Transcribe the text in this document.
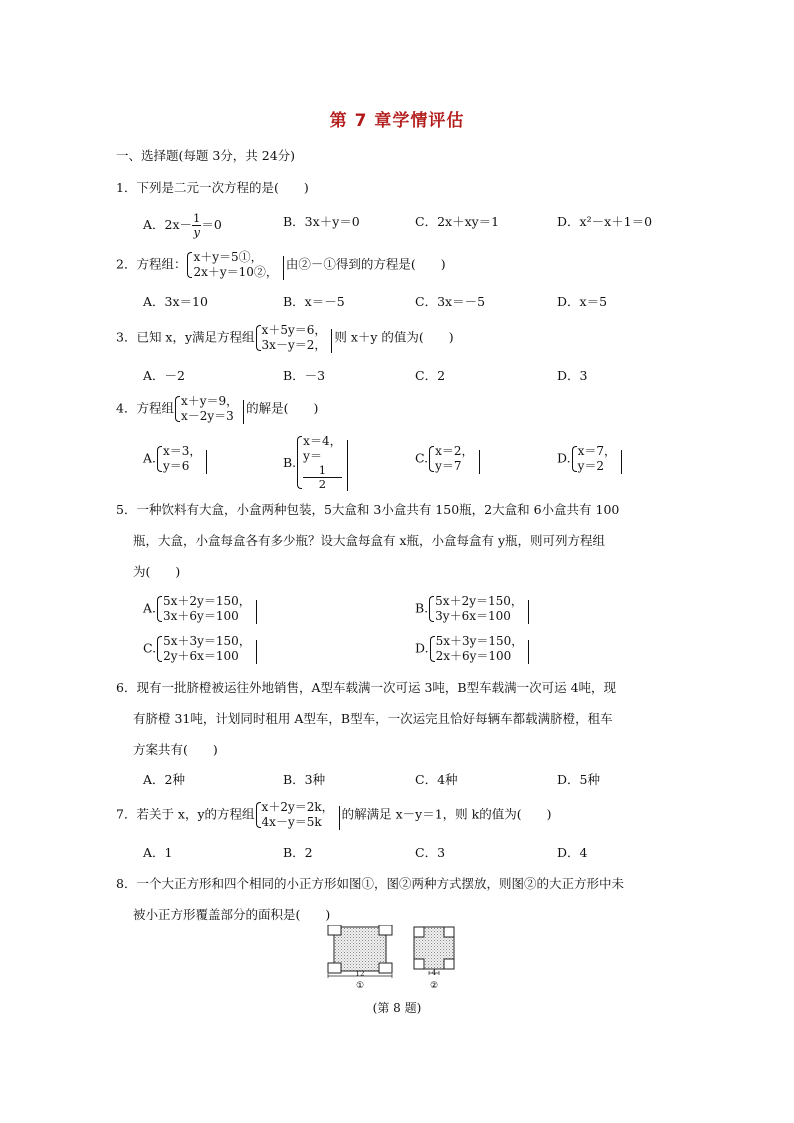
第 7 章学情评估
一、选择题(每题 3分，共 24分)
1．下列是二元一次方程的是(　　)
A．$2x- \frac{1}{y} =0$	B．3x＋y＝0	C．2x＋xy＝1	D．x²－x＋1＝0
2．方程组： x＋y＝5①，
2x＋y＝10②，
由②－①得到的方程是(　　)
A．3x＝10	B．x＝－5	C．3x＝－5	D．x＝5
3．已知 x，y满足方程组 x＋5y＝6，
3x－y＝2，
则 x＋y 的值为(　　)
A．－2	B．－3	C．2	D．3
4．方程组 x＋y＝9，
x－2y＝3
的解是(　　)
A. x＝3，
y＝6	B.
x＝4，
y＝
1
2
C. x＝2，
y＝7
D. x＝7，
y＝2
5．一种饮料有大盒，小盒两种包装，5大盒和 3小盒共有 150瓶，2大盒和 6小盒共有 100
瓶，大盒，小盒每盒各有多少瓶？设大盒每盒有 x瓶，小盒每盒有 y瓶，则可列方程组
为(　　)
A. 5x＋2y＝150，
3x＋6y＝100
B. 5x＋2y＝150，
3y＋6x＝100
C. 5x＋3y＝150，
2y＋6x＝100
D. 5x＋3y＝150，
2x＋6y＝100
6．现有一批脐橙被运往外地销售，A型车载满一次可运 3吨，B型车载满一次可运 4吨，现
有脐橙 31吨，计划同时租用 A型车，B型车，一次运完且恰好每辆车都载满脐橙，租车
方案共有(　　)
A．2种	B．3种	C．4种	D．5种
7．若关于 x，y的方程组 x＋2y＝2k，
4x－y＝5k
的解满足 x－y＝1，则 k的值为(　　)
A．1	B．2	C．3	D．4
8．一个大正方形和四个相同的小正方形如图①，图②两种方式摆放，则图②的大正方形中未
被小正方形覆盖部分的面积是(　　)
12
①
4
②
(第 8 题)
